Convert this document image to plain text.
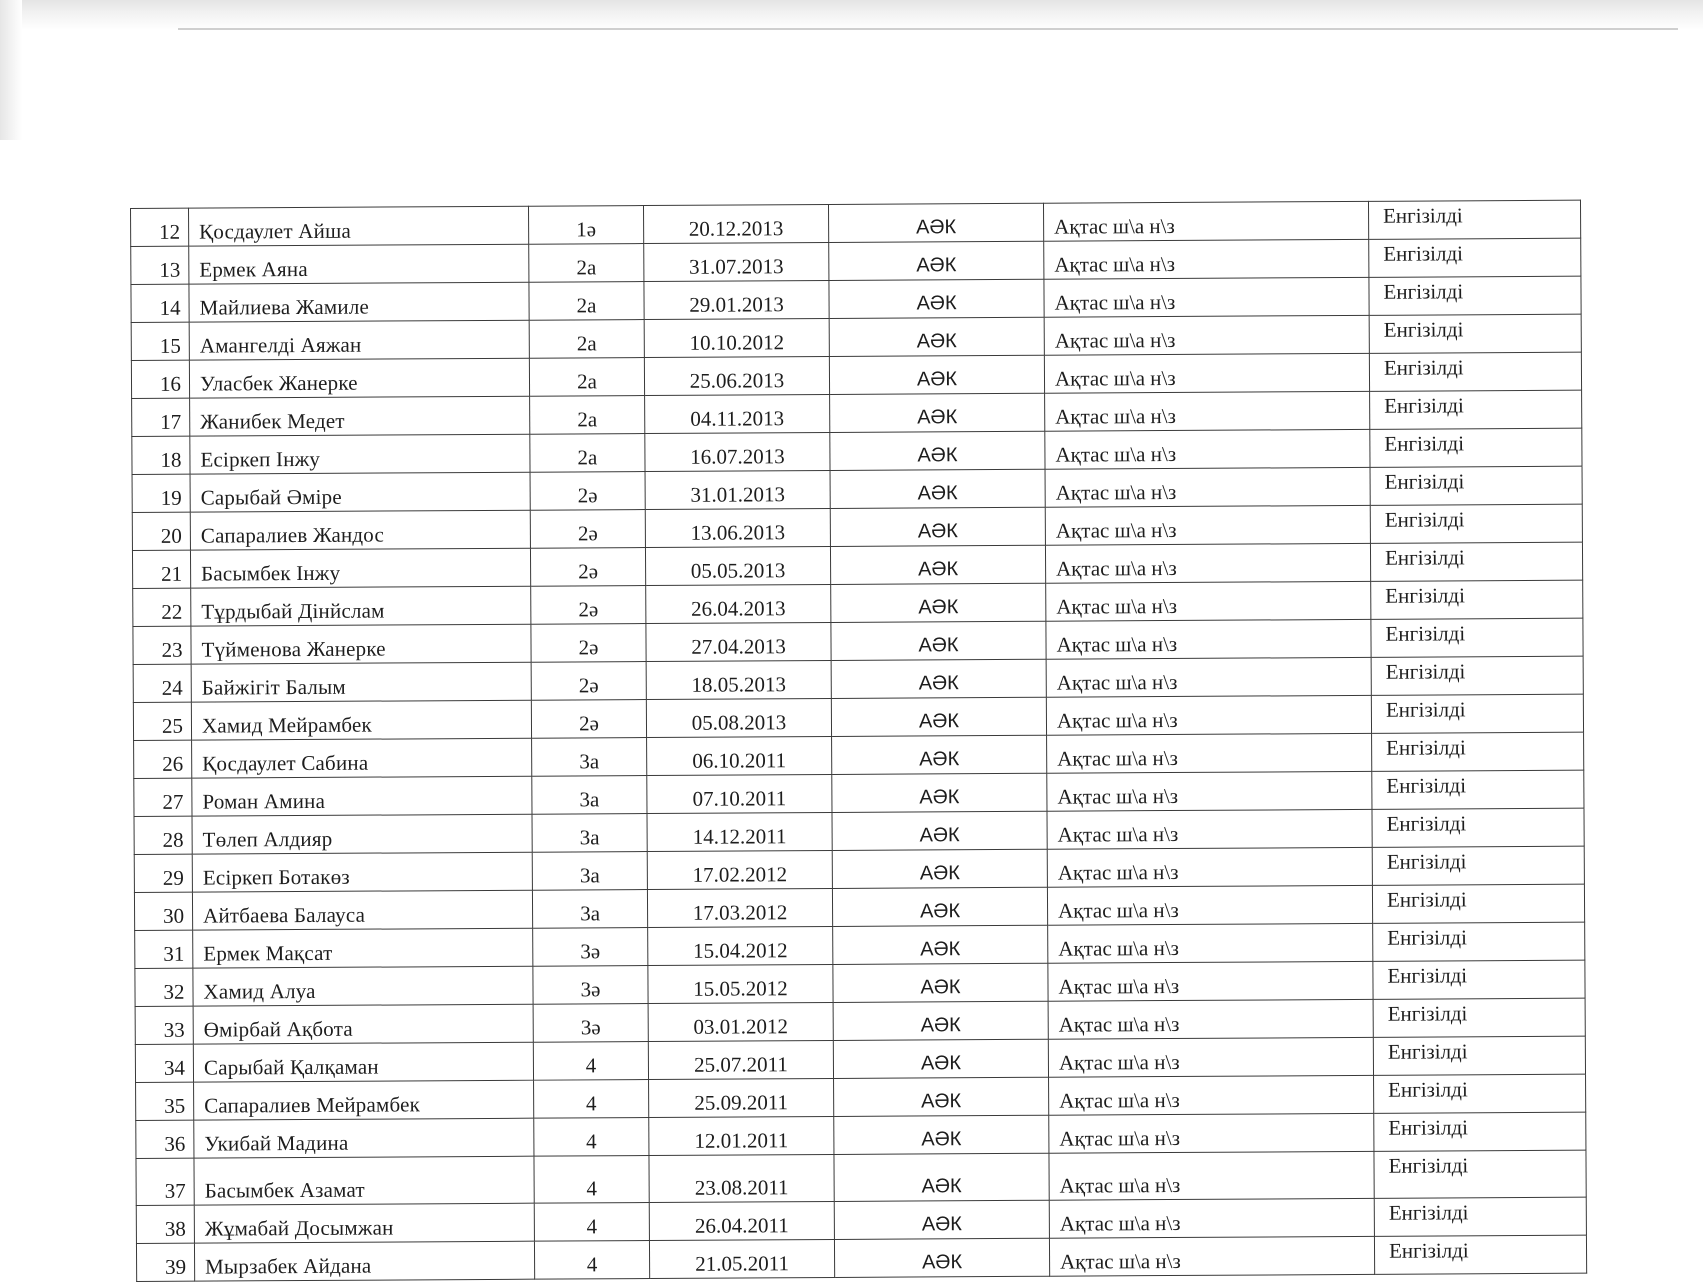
12	Қосдаулет Айша	1ә	20.12.2013	АӘК	Ақтас ш\а н\з	Енгізілді
13	Ермек Аяна	2а	31.07.2013	АӘК	Ақтас ш\а н\з	Енгізілді
14	Майлиева Жамиле	2а	29.01.2013	АӘК	Ақтас ш\а н\з	Енгізілді
15	Амангелді Аяжан	2а	10.10.2012	АӘК	Ақтас ш\а н\з	Енгізілді
16	Уласбек Жанерке	2а	25.06.2013	АӘК	Ақтас ш\а н\з	Енгізілді
17	Жанибек Медет	2а	04.11.2013	АӘК	Ақтас ш\а н\з	Енгізілді
18	Есіркеп Інжу	2а	16.07.2013	АӘК	Ақтас ш\а н\з	Енгізілді
19	Сарыбай Әміре	2ә	31.01.2013	АӘК	Ақтас ш\а н\з	Енгізілді
20	Сапаралиев Жандос	2ә	13.06.2013	АӘК	Ақтас ш\а н\з	Енгізілді
21	Басымбек Інжу	2ә	05.05.2013	АӘК	Ақтас ш\а н\з	Енгізілді
22	Тұрдыбай Дінйслам	2ә	26.04.2013	АӘК	Ақтас ш\а н\з	Енгізілді
23	Түйменова Жанерке	2ә	27.04.2013	АӘК	Ақтас ш\а н\з	Енгізілді
24	Байжігіт Балым	2ә	18.05.2013	АӘК	Ақтас ш\а н\з	Енгізілді
25	Хамид Мейрамбек	2ә	05.08.2013	АӘК	Ақтас ш\а н\з	Енгізілді
26	Қосдаулет Сабина	3а	06.10.2011	АӘК	Ақтас ш\а н\з	Енгізілді
27	Роман Амина	3а	07.10.2011	АӘК	Ақтас ш\а н\з	Енгізілді
28	Төлеп Алдияр	3а	14.12.2011	АӘК	Ақтас ш\а н\з	Енгізілді
29	Есіркеп Ботакөз	3а	17.02.2012	АӘК	Ақтас ш\а н\з	Енгізілді
30	Айтбаева Балауса	3а	17.03.2012	АӘК	Ақтас ш\а н\з	Енгізілді
31	Ермек Мақсат	3ә	15.04.2012	АӘК	Ақтас ш\а н\з	Енгізілді
32	Хамид Алуа	3ә	15.05.2012	АӘК	Ақтас ш\а н\з	Енгізілді
33	Өмірбай Ақбота	3ә	03.01.2012	АӘК	Ақтас ш\а н\з	Енгізілді
34	Сарыбай Қалқаман	4	25.07.2011	АӘК	Ақтас ш\а н\з	Енгізілді
35	Сапаралиев Мейрамбек	4	25.09.2011	АӘК	Ақтас ш\а н\з	Енгізілді
36	Укибай Мадина	4	12.01.2011	АӘК	Ақтас ш\а н\з	Енгізілді
37	Басымбек Азамат	4	23.08.2011	АӘК	Ақтас ш\а н\з	Енгізілді
38	Жұмабай Досымжан	4	26.04.2011	АӘК	Ақтас ш\а н\з	Енгізілді
39	Мырзабек Айдана	4	21.05.2011	АӘК	Ақтас ш\а н\з	Енгізілді
